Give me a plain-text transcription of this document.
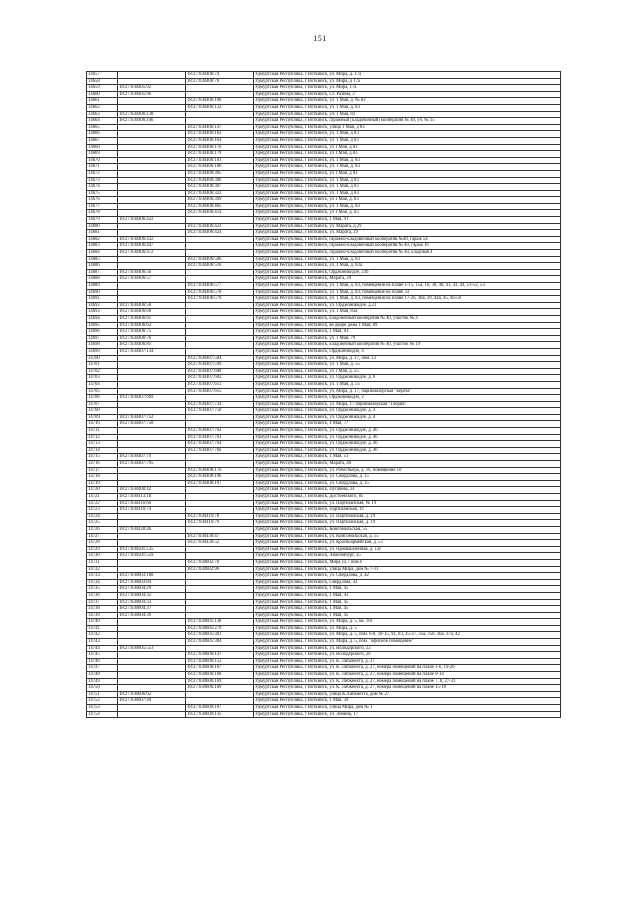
151
14657		18:27:030406:74	Удмуртская Республика, г Воткинск, ул. Мира, д. 17а
14658		18:27:030406:76	Удмуртская Республика, г Воткинск, ул. Мира, д 17а
14659	18:27:030405:92		Удмуртская Республика, г Воткинск, ул. Мира, 17а
14660	18:27:030405:96		Удмуртская Республика, г Воткинск, Ст. Разина, 2
14661		18:27:030406:100	Удмуртская Республика, г Воткинск, ул. 1 Мая, д. № 83
14662		18:27:030406:132	Удмуртская Республика, г Воткинск, ул. 1 Мая, д. 83
14663	18:27:030406:138		Удмуртская Республика, г Воткинск, ул. 1 Мая, 83
14664	18:27:030406:146		Удмуртская Республика, г Воткинск, гаражный (кладовочный) кооператив № 40, уч. № 15
14665		18:27:030406:147	Удмуртская Республика, г Воткинск, улица 1 Мая, д 83
14666		18:27:030406:162	Удмуртская Республика, г Воткинск, ул. 1 Мая, д 83
14667		18:27:030406:164	Удмуртская Республика, г Воткинск, ул. 1 Мая, д 83
14668		18:27:030406:176	Удмуртская Республика, г Воткинск, ул 1 Мая, д 83
14669		18:27:030406:179	Удмуртская Республика, г Воткинск, ул 1 Мая, д 83
14670		18:27:030406:181	Удмуртская Республика, г Воткинск, ул. 1 Мая, д. 83
14671		18:27:030406:186	Удмуртская Республика, г Воткинск, ул. 1 Мая, д. 83
14672		18:27:030406:305	Удмуртская Республика, г Воткинск, ул 1 Мая, д 83
14673		18:27:030406:306	Удмуртская Республика, г Воткинск, ул. 1 Мая, д 83
14674		18:27:030406:307	Удмуртская Республика, г Воткинск, ул. 1 Мая, д 83
14675		18:27:030406:322	Удмуртская Республика, г Воткинск, ул. 1 Мая, д 83
14676		18:27:030406:399	Удмуртская Республика, г Воткинск, ул 1 Мая, д. 83
14677		18:27:030406:405	Удмуртская Республика, г Воткинск, ул. 1 Мая, д. 83
14678		18:27:030406:414	Удмуртская Республика, г Воткинск, ул 1 Мая, д. 83
14679	18:27:030406:422		Удмуртская Республика, г Воткинск, 1 Мая, 91
14680		18:27:030406:423	Удмуртская Республика, г Воткинск, ул. Марата, д 29
14681		18:27:030406:424	Удмуртская Республика, г Воткинск, ул. Марата, 29
14682	18:27:030406:432		Удмуртская Республика, г Воткинск, гаражно-кладовочный кооператив №40, гараж 54
14683	18:27:030406:447		Удмуртская Республика, г Воткинск, гаражно-кладовочный кооператив № 40, гараж 16
14684	18:27:030406:472		Удмуртская Республика, г Воткинск, гаражно-кладовочный кооператив № 40, кладовая 4
14685		18:27:030406:506	Удмуртская Республика, г Воткинск, ул. 1 Мая, д. 83
14686		18:27:030406:516	Удмуртская Республика, г Воткинск, ул. 1 Мая, д. 83а
14687	18:27:030406:56		Удмуртская Республика, г Воткинск, Орджоникидзе, 23б
14688	18:27:030406:57		Удмуртская Республика, г Воткинск, Марата, 29
14689		18:27:030406:577	Удмуртская Республика, г Воткинск, ул. 1 Мая, д. 83, помещения на плане 1-15, 15а, 16, 38, 40, 41, 43, 44, 51-52, 53
14690		18:27:030406:578	Удмуртская Республика, г Воткинск, ул. 1 Мая, д. 83, помещение на плане 33
14691		18:27:030406:579	Удмуртская Республика, г Воткинск, ул. 1 Мая, д. 83, помещения на плане 17-26, 38а, 39, 44а, 45, 46-50
14692	18:27:030406:58		Удмуртская Республика, г Воткинск, ул. Орджоникидзе, д.21
14693	18:27:030406:60		Удмуртская Республика, г Воткинск, ул. 1 Мая, 83а
14694	18:27:030406:61		Удмуртская Республика, г Воткинск, кладовочный кооператив № 40, участок № 4
14695	18:27:030406:62		Удмуртская Республика, г Воткинск, во дворе дома 1 Мая, 89
14696	18:27:030406:75		Удмуртская Республика, г Воткинск, 1 Мая, 83
14697	18:27:030406:76		Удмуртская Республика, г Воткинск, ул. 1 Мая, 79
14698	18:27:030406:81		Удмуртская Республика, г Воткинск, кладовочный кооператив № 40, участок № 19
14699	18:27:030407:134		Удмуртская Республика, г Воткинск, Орджоникидзе, 4
14700		18:27:030407:584	Удмуртская Республика, г Воткинск, ул. Мира, д. 17, пом. 12
14701		18:27:030407:599	Удмуртская Республика, г Воткинск, ул. 1 Мая, д. 55
14702		18:27:030407:600	Удмуртская Республика, г Воткинск, ул 1 Мая, д. 55
14703		18:27:030407:602	Удмуртская Республика, г Воткинск, ул. Орджоникидзе, д. 8
14704		18:27:030407:611	Удмуртская Республика, г Воткинск, ул. 1 Мая, д. 55
14705		18:27:030407:615	Удмуртская Республика, г Воткинск, ул. Мира, д. 17, парикмахерская "Берёза"
14706	18:27:030407:669		Удмуртская Республика, г Воткинск, Орджоникидзе, 2
14707		18:27:030407:734	Удмуртская Республика, г Воткинск, ул. Мира, 17 парикмахерская "Глория"
14708		18:27:030407:750	Удмуртская Республика, г Воткинск, ул. Орджоникидзе, д. 4
14709	18:27:030407:752		Удмуртская Республика, г Воткинск, ул. Орджоникидзе, д. 4
14710	18:27:030407:758		Удмуртская Республика, г Воткинск, 1 Мая, 77
14711		18:27:030407:762	Удмуртская Республика, г Воткинск, ул. Орджоникидзе, д. 46
14712		18:27:030407:763	Удмуртская Республика, г Воткинск, ул. Орджоникидзе, д. 46
14713		18:27:030407:764	Удмуртская Республика, г Воткинск, ул. Орджоникидзе, д. 46
14714		18:27:030407:766	Удмуртская Республика, г Воткинск, ул. Орджоникидзе, д. 46
14715	18:27:030407:79		Удмуртская Республика, г Воткинск, 1 Мая, 51
14716	18:27:030407:795		Удмуртская Республика, г Воткинск, Марата, 40
14717		18:27:030408:176	Удмуртская Республика, г Воткинск, ул. Робеспьера, д. 16, помещение 10
14718		18:27:030408:196	Удмуртская Республика, г Воткинск, ул. Свердлова, д. 15
14719		18:27:030408:197	Удмуртская Республика, г Воткинск, ул. Свердлова, д. 15
14720	18:27:030408:42		Удмуртская Республика, г Воткинск, Пугачева, 34
14721	18:27:030413:18		Удмуртская Республика, г Воткинск, Достоевского, 85
14722	18:27:030416:66		Удмуртская Республика, г Воткинск, ул. Партизанская, № 19
14723	18:27:030416:74		Удмуртская Республика, г Воткинск, Партизанская, 19
14724		18:27:030416:78	Удмуртская Республика, г Воткинск, ул. Партизанская, д. 19
14725		18:27:030416:79	Удмуртская Республика, г Воткинск, ул. Партизанская, д. 19
14726	18:27:030430:46		Удмуртская Республика, г Воткинск, Комсомольская, 55
14727		18:27:030430:47	Удмуртская Республика, г Воткинск, ул. Комсомольская, д. 55
14728		18:27:030430:52	Удмуртская Республика, г Воткинск, ул. Красноармейская, д. 53
14729	18:27:030501:535		Удмуртская Республика, г Воткинск, ул. Промышленная, д. 12Г
14730	18:27:030501:559		Удмуртская Республика, г Воткинск, Люксембург, 35
14731		18:27:030602:70	Удмуртская Республика, г Воткинск, Мира ул.7 пом.6
14732		18:27:030602:96	Удмуртская Республика, г Воткинск, улица Мира, дом № 7-11
14733	18:27:030603:168		Удмуртская Республика, г Воткинск, ул. Свердлова, д. 42
14734	18:27:030603:84		Удмуртская Республика, г Воткинск, Свердлова, 42
14735	18:27:030604:29		Удмуртская Республика, г Воткинск, 1 Мая, 45
14736	18:27:030604:32		Удмуртская Республика, г Воткинск, 1 Мая, 43
14737	18:27:030604:33		Удмуртская Республика, г Воткинск, 1 Мая, 45
14738	18:27:030604:37		Удмуртская Республика, г Воткинск, 1 Мая, 45
14739	18:27:030604:39		Удмуртская Республика, г Воткинск, 1 Мая, 45
14740		18:27:030605:138	Удмуртская Республика, г Воткинск, ул. Мира, д. 5, кв. 101
14741		18:27:030605:279	Удмуртская Республика, г Воткинск, ул. Мира, д. 5
14742		18:27:030605:301	Удмуртская Республика, г Воткинск, ул. Мира, д. 5, пом. 6-8, 10-15, 91, 93, 35-37, 35а, 35б, 36а, 37а, 42
14743		18:27:030605:384	Удмуртская Республика, г Воткинск, ул. Мира, д. 5, пом. "офисное помещение"
14744	18:27:030605:553		Удмуртская Республика, г Воткинск, ул. Володарского, 22
14745		18:27:030606:147	Удмуртская Республика, г Воткинск, ул. Володарского, 26
14746		18:27:030606:152	Удмуртская Республика, г Воткинск, ул. К. Либкнехта, д. 27
14747		18:27:030606:167	Удмуртская Республика, г Воткинск, ул. К. Либкнехта, д. 27, номера помещений на плане 1-6, 19-26
14748		18:27:030606:168	Удмуртская Республика, г Воткинск, ул. К. Либкнехта, д. 27, номера помещений на плане 9-14
14749		18:27:030606:169	Удмуртская Республика, г Воткинск, ул. К. Либкнехта, д. 27, номера помещений на плане 7, 8, 27-33
14750		18:27:030606:169	Удмуртская Республика, г Воткинск, ул. К. Либкнехта, д. 27, номера помещений на плане 15-18
14751	18:27:030606:62		Удмуртская Республика, г Воткинск, улица К.Либкнехта, дом № 27
14752	18:27:030607:49		Удмуртская Республика, г Воткинск, 1 Мая, 39
14753		18:27:030609:107	Удмуртская Республика, г Воткинск, улица Мира, дом № 1
14754		18:27:030609:135	Удмуртская Республика, г Воткинск, ул. Ленина, 17
